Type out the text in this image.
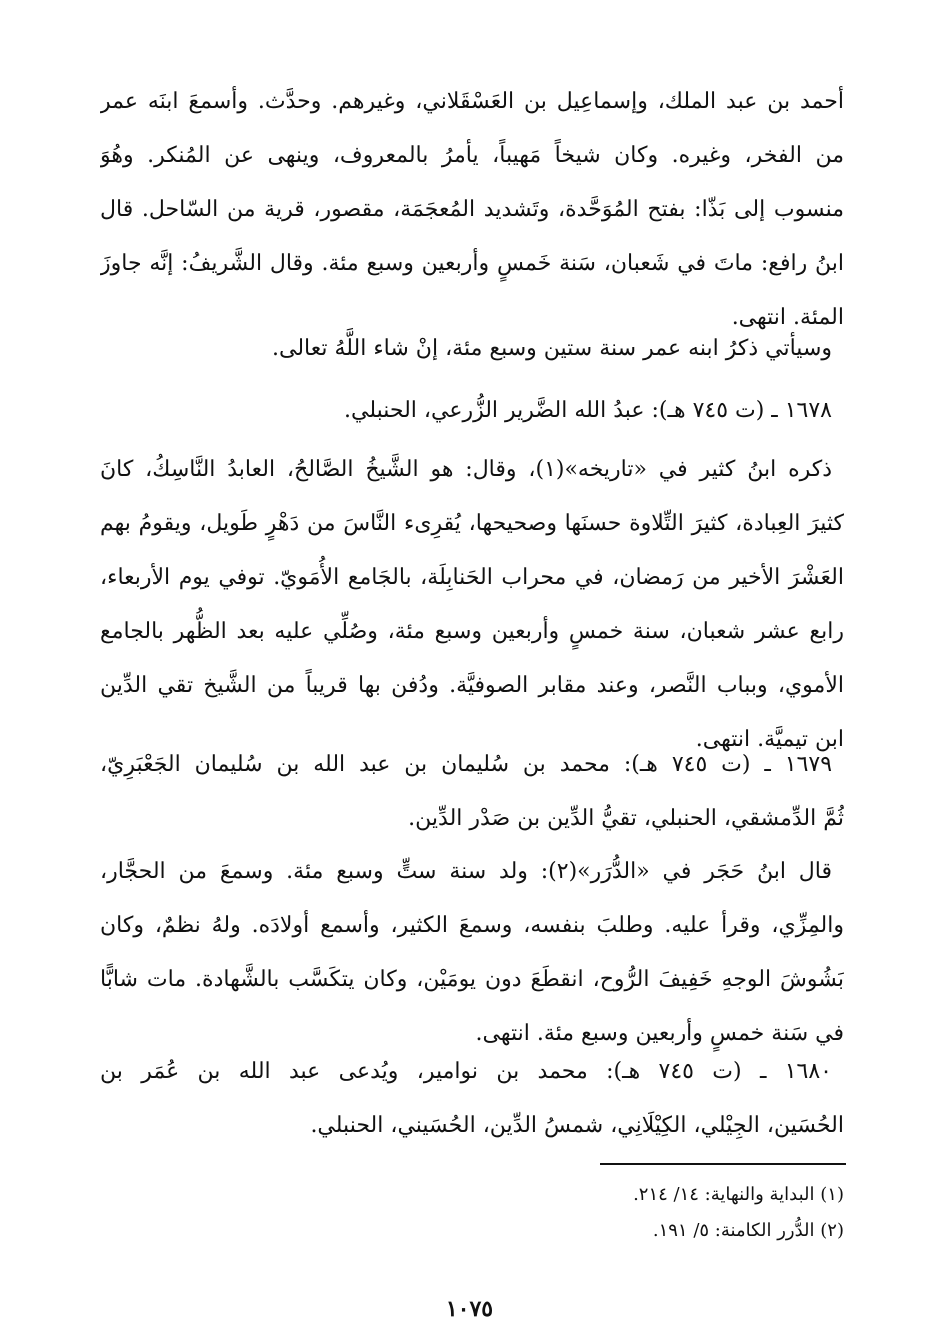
أحمد بن عبد الملك، وإسماعِيل بن العَسْقَلاني، وغيرهم. وحدَّث. وأسمعَ ابنَه عمر
من الفخر، وغيره. وكان شيخاً مَهيباً، يأمرُ بالمعروف، وينهى عن المُنكر. وهُوَ
منسوب إلى بَذّا: بفتح المُوَحَّدة، وتَشديد المُعجَمَة، مقصور، قرية من السّاحل. قال
ابنُ رافع: ماتَ في شَعبان، سَنة خَمسٍ وأربعين وسبع مئة. وقال الشَّريفُ: إنَّه جاوزَ
المئة. انتهى.
وسيأتي ذكرُ ابنه عمر سنة ستين وسبع مئة، إنْ شاء اللَّهُ تعالى.
١٦٧٨ ـ (ت ٧٤٥ هـ): عبدُ الله الضَّرير الزُّرعي، الحنبلي.
ذكره ابنُ كثير في «تاريخه»(١)، وقال: هو الشَّيخُ الصَّالحُ، العابدُ النَّاسِكُ، كانَ
كثيرَ العِبادة، كثيرَ التِّلاوة حسنَها وصحيحها، يُقرِىء النَّاسَ من دَهْرٍ طَويل، ويقومُ بهم
العَشْرَ الأخير من رَمضان، في محراب الحَنابِلَة، بالجَامع الأُمَويّ. توفي يوم الأربعاء،
رابع عشر شعبان، سنة خمسٍ وأربعين وسبع مئة، وصُلِّي عليه بعد الظُّهر بالجامع
الأموي، وبباب النَّصر، وعند مقابر الصوفيَّة. ودُفن بها قريباً من الشَّيخ تقي الدِّين
ابن تيميَّة. انتهى.
١٦٧٩ ـ (ت ٧٤٥ هـ): محمد بن سُليمان بن عبد الله بن سُليمان الجَعْبَرِيّ،
ثُمَّ الدِّمشقي، الحنبلي، تقيُّ الدِّين بن صَدْر الدِّين.
قال ابنُ حَجَر في «الدُّرَر»(٢): ولد سنة ستٍّ وسبع مئة. وسمعَ من الحجَّار،
والمِزِّي، وقرأ عليه. وطلبَ بنفسه، وسمعَ الكثير، وأسمع أولادَه. ولهُ نظمٌ، وكان
بَشُوشَ الوجهِ خَفِيفَ الرُّوح، انقطَعَ دون يومَيْن، وكان يتكَسَّب بالشَّهادة. مات شابًّا
في سَنة خمسٍ وأربعين وسبع مئة. انتهى.
١٦٨٠ ـ (ت ٧٤٥ هـ): محمد بن نوامير، ويُدعى عبد الله بن عُمَر بن
الحُسَين، الجِيْلي، الكِيْلَانِي، شمسُ الدِّين، الحُسَيني، الحنبلي.
(١) البداية والنهاية: ١٤/ ٢١٤.
(٢) الدُّرر الكامنة: ٥/ ١٩١.
١٠٧٥
